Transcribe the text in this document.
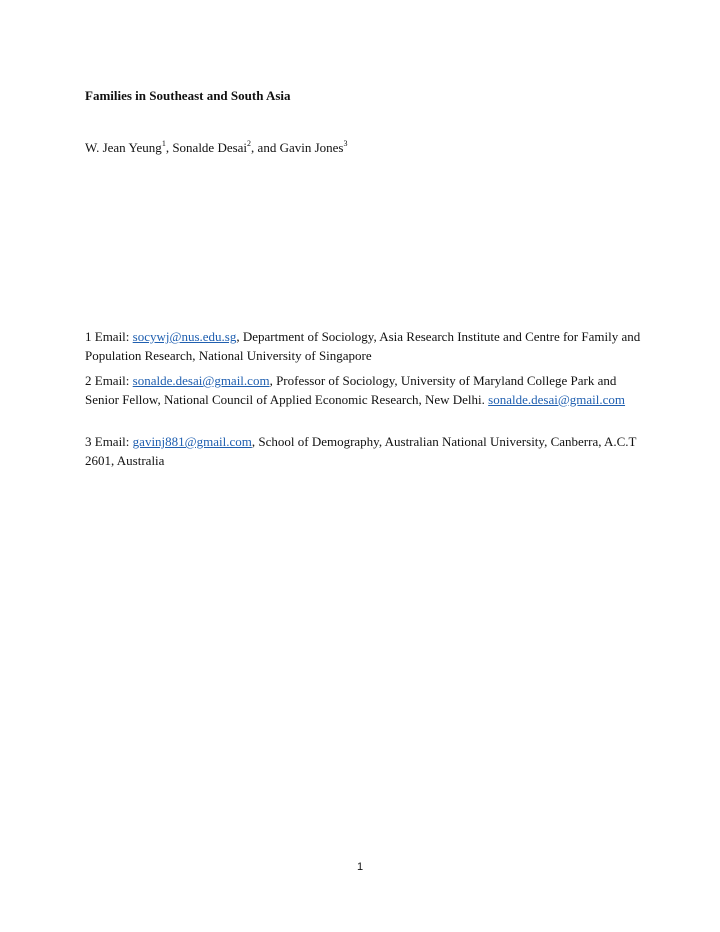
Families in Southeast and South Asia
W. Jean Yeung$^1$, Sonalde Desai$^2$, and Gavin Jones$^3$
1 Email: socywj@nus.edu.sg, Department of Sociology, Asia Research Institute and Centre for Family and Population Research, National University of Singapore
2 Email: sonalde.desai@gmail.com, Professor of Sociology, University of Maryland College Park and Senior Fellow, National Council of Applied Economic Research, New Delhi. sonalde.desai@gmail.com
3 Email: gavinj881@gmail.com, School of Demography, Australian National University, Canberra, A.C.T 2601, Australia
1
